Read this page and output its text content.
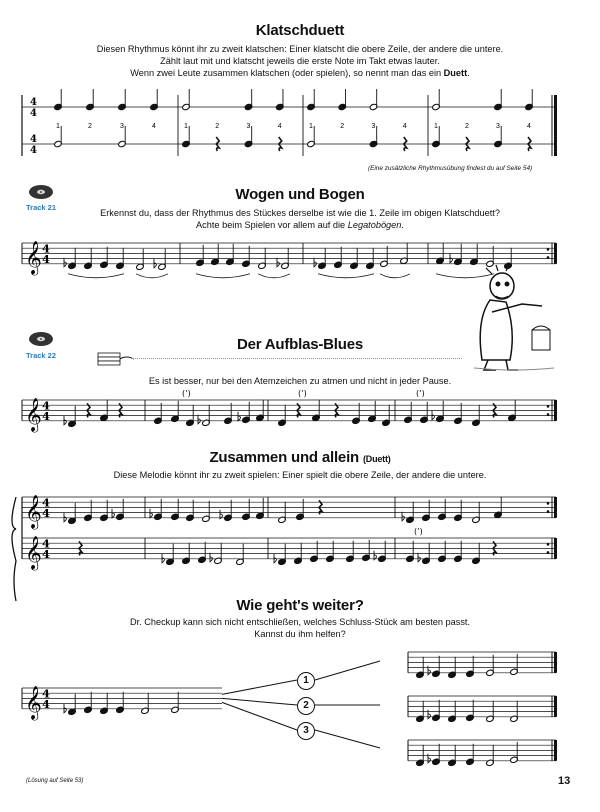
Klatschduett
Diesen Rhythmus könnt ihr zu zweit klatschen: Einer klatscht die obere Zeile, der andere die untere.
Zählt laut mit und klatscht jeweils die erste Note im Takt etwas lauter.
Wenn zwei Leute zusammen klatschen (oder spielen), so nennt man das ein Duett.
4
4
4
4
1	2	3	4	1	2	3	4	1	2	3	4	1	2	3	4
𝄞 4
4
𝄞 4
4
(ʼ)	(ʼ)	(ʼ)
𝄞 4
4
𝄞 4
4
(ʼ)
𝄞 4
4
(Eine zusätzliche Rhythmusübung findest du auf Seite 54)
Track 21
Wogen und Bogen
Erkennst du, dass der Rhythmus des Stückes derselbe ist wie die 1. Zeile im obigen Klatschduett?
Achte beim Spielen vor allem auf die Legatobögen.
Track 22
Der Aufblas-Blues
Es ist besser, nur bei den Atemzeichen zu atmen und nicht in jeder Pause.
Zusammen und allein (Duett)
Diese Melodie könnt ihr zu zweit spielen: Einer spielt die obere Zeile, der andere die untere.
Wie geht's weiter?
Dr. Checkup kann sich nicht entschließen, welches Schluss-Stück am besten passt.
Kannst du ihm helfen?
1
2
3
(Lösung auf Seite 53)	13
